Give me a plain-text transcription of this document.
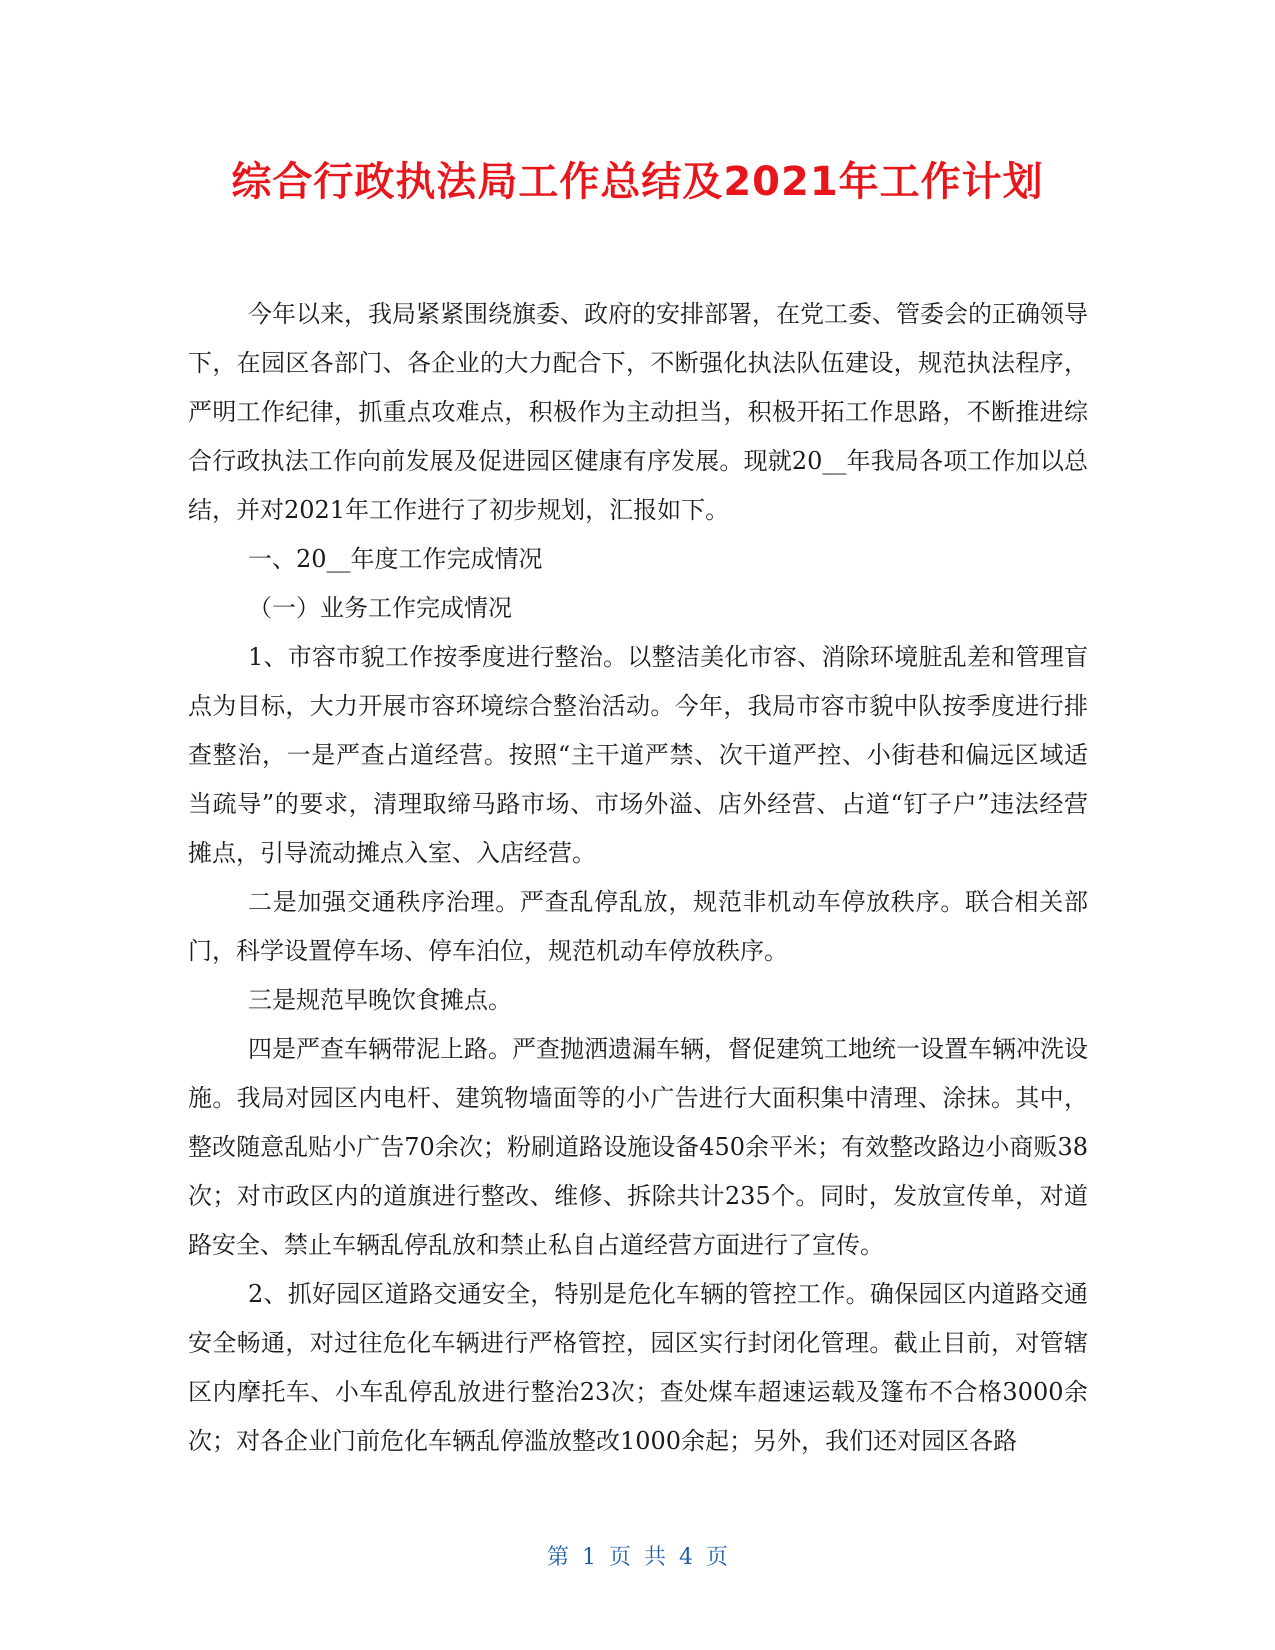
综合行政执法局工作总结及2021年工作计划

今年以来，我局紧紧围绕旗委、政府的安排部署，在党工委、管委会的正确领导下，在园区各部门、各企业的大力配合下，不断强化执法队伍建设，规范执法程序，严明工作纪律，抓重点攻难点，积极作为主动担当，积极开拓工作思路，不断推进综合行政执法工作向前发展及促进园区健康有序发展。现就20__年我局各项工作加以总结，并对2021年工作进行了初步规划，汇报如下。

一、20__年度工作完成情况

（一）业务工作完成情况

1、市容市貌工作按季度进行整治。以整洁美化市容、消除环境脏乱差和管理盲点为目标，大力开展市容环境综合整治活动。今年，我局市容市貌中队按季度进行排查整治，一是严查占道经营。按照“主干道严禁、次干道严控、小街巷和偏远区域适当疏导”的要求，清理取缔马路市场、市场外溢、店外经营、占道“钉子户”违法经营摊点，引导流动摊点入室、入店经营。

二是加强交通秩序治理。严查乱停乱放，规范非机动车停放秩序。联合相关部门，科学设置停车场、停车泊位，规范机动车停放秩序。

三是规范早晚饮食摊点。

四是严查车辆带泥上路。严查抛洒遗漏车辆，督促建筑工地统一设置车辆冲洗设施。我局对园区内电杆、建筑物墙面等的小广告进行大面积集中清理、涂抹。其中，整改随意乱贴小广告70余次；粉刷道路设施设备450余平米；有效整改路边小商贩38次；对市政区内的道旗进行整改、维修、拆除共计235个。同时，发放宣传单，对道路安全、禁止车辆乱停乱放和禁止私自占道经营方面进行了宣传。

2、抓好园区道路交通安全，特别是危化车辆的管控工作。确保园区内道路交通安全畅通，对过往危化车辆进行严格管控，园区实行封闭化管理。截止目前，对管辖区内摩托车、小车乱停乱放进行整治23次；查处煤车超速运载及篷布不合格3000余次；对各企业门前危化车辆乱停滥放整改1000余起；另外，我们还对园区各路

第 1 页 共 4 页
